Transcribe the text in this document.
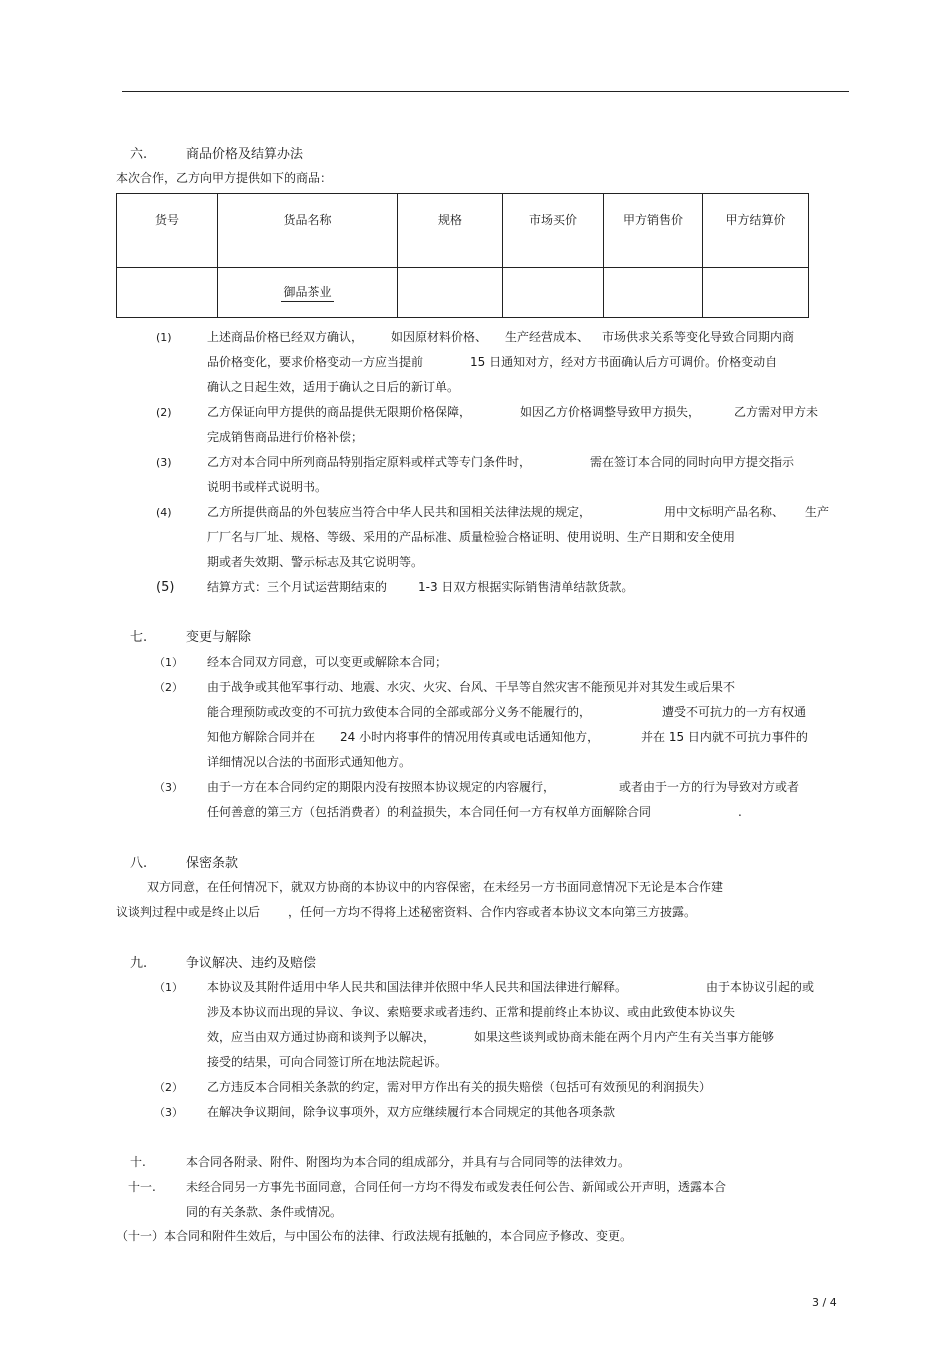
六.	商品价格及结算办法
本次合作，乙方向甲方提供如下的商品：
货号	货品名称	规格	市场买价	甲方销售价	甲方结算价
	御品茶业				
(1)	上述商品价格已经双方确认， 如因原材料价格、 生产经营成本、 市场供求关系等变化导致合同期内商
品价格变化，要求价格变动一方应当提前	15 日通知对方，经对方书面确认后方可调价。价格变动自
确认之日起生效，适用于确认之日后的新订单。
(2)	乙方保证向甲方提供的商品提供无限期价格保障，	如因乙方价格调整导致甲方损失，	乙方需对甲方未
完成销售商品进行价格补偿；
(3)	乙方对本合同中所列商品特别指定原料或样式等专门条件时，	需在签订本合同的同时向甲方提交指示
说明书或样式说明书。
(4)	乙方所提供商品的外包装应当符合中华人民共和国相关法律法规的规定，	用中文标明产品名称、 生产
厂厂名与厂址、规格、等级、采用的产品标准、质量检验合格证明、使用说明、生产日期和安全使用
期或者失效期、警示标志及其它说明等。
(5)	结算方式：三个月试运营期结束的	1-3 日双方根据实际销售清单结款货款。
七.	变更与解除
（1） 经本合同双方同意，可以变更或解除本合同；
（2） 由于战争或其他军事行动、地震、水灾、火灾、台风、干旱等自然灾害不能预见并对其发生或后果不
能合理预防或改变的不可抗力致使本合同的全部或部分义务不能履行的，	遭受不可抗力的一方有权通
知他方解除合同并在 24 小时内将事件的情况用传真或电话通知他方，	并在 15 日内就不可抗力事件的
详细情况以合法的书面形式通知他方。
（3） 由于一方在本合同约定的期限内没有按照本协议规定的内容履行，	或者由于一方的行为导致对方或者
任何善意的第三方（包括消费者）的利益损失，本合同任何一方有权单方面解除合同	.
八.	保密条款
双方同意，在任何情况下，就双方协商的本协议中的内容保密，在未经另一方书面同意情况下无论是本合作建
议谈判过程中或是终止以后 ，任何一方均不得将上述秘密资料、合作内容或者本协议文本向第三方披露。
九.	争议解决、违约及赔偿
（1） 本协议及其附件适用中华人民共和国法律并依照中华人民共和国法律进行解释。	由于本协议引起的或
涉及本协议而出现的异议、争议、索赔要求或者违约、正常和提前终止本协议、或由此致使本协议失
效，应当由双方通过协商和谈判予以解决，	如果这些谈判或协商未能在两个月内产生有关当事方能够
接受的结果，可向合同签订所在地法院起诉。
（2） 乙方违反本合同相关条款的约定，需对甲方作出有关的损失赔偿（包括可有效预见的利润损失）
（3） 在解决争议期间，除争议事项外，双方应继续履行本合同规定的其他各项条款
十.	本合同各附录、附件、附图均为本合同的组成部分，并具有与合同同等的法律效力。
十一.	未经合同另一方事先书面同意，合同任何一方均不得发布或发表任何公告、新闻或公开声明，透露本合
同的有关条款、条件或情况。
（十一）本合同和附件生效后，与中国公布的法律、行政法规有抵触的，本合同应予修改、变更。
3 / 4
